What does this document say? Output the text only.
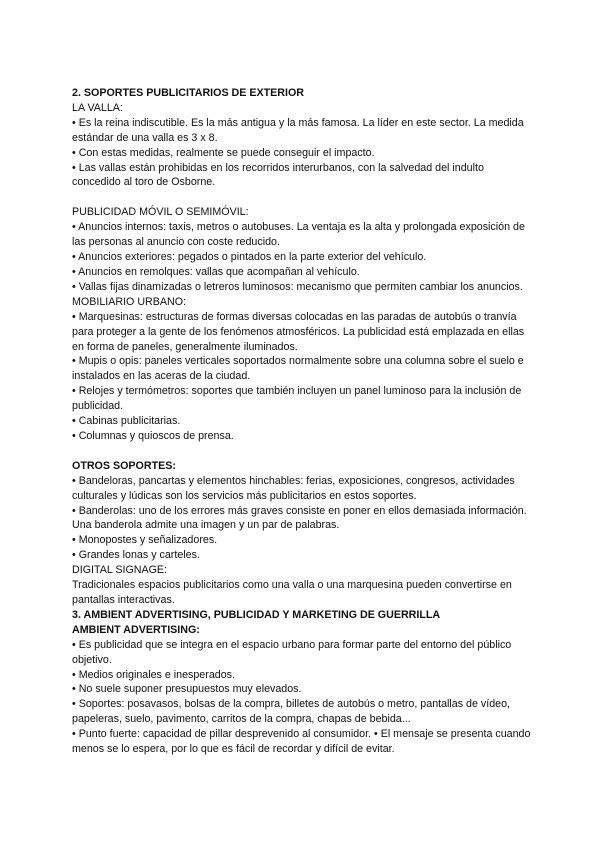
2. SOPORTES PUBLICITARIOS DE EXTERIOR

LA VALLA:

• Es la reina indiscutible. Es la más antigua y la más famosa. La líder en este sector. La medida estándar de una valla es 3 x 8.

• Con estas medidas, realmente se puede conseguir el impacto.

• Las vallas están prohibidas en los recorridos interurbanos, con la salvedad del indulto concedido al toro de Osborne.

PUBLICIDAD MÓVIL O SEMIMÓVIL:

• Anuncios internos: taxis, metros o autobuses. La ventaja es la alta y prolongada exposición de las personas al anuncio con coste reducido.

• Anuncios exteriores: pegados o pintados en la parte exterior del vehículo.

• Anuncios en remolques: vallas que acompañan al vehículo.

• Vallas fijas dinamizadas o letreros luminosos: mecanismo que permiten cambiar los anuncios.

MOBILIARIO URBANO:

• Marquesinas: estructuras de formas diversas colocadas en las paradas de autobús o tranvía para proteger a la gente de los fenómenos atmosféricos. La publicidad está emplazada en ellas en forma de paneles, generalmente iluminados.

• Mupis o opis: paneles verticales soportados normalmente sobre una columna sobre el suelo e instalados en las aceras de la ciudad.

• Relojes y termómetros: soportes que también incluyen un panel luminoso para la inclusión de publicidad.

• Cabinas publicitarias.

• Columnas y quioscos de prensa.

OTROS SOPORTES:

• Bandeloras, pancartas y elementos hinchables: ferias, exposiciones, congresos, actividades culturales y lúdicas son los servicios más publicitarios en estos soportes.

• Banderolas: uno de los errores más graves consiste en poner en ellos demasiada información. Una banderola admite una imagen y un par de palabras.

• Monopostes y señalizadores.

• Grandes lonas y carteles.

DIGITAL SIGNAGE:

Tradicionales espacios publicitarios como una valla o una marquesina pueden convertirse en pantallas interactivas.

3. AMBIENT ADVERTISING, PUBLICIDAD Y MARKETING DE GUERRILLA

AMBIENT ADVERTISING:

• Es publicidad que se integra en el espacio urbano para formar parte del entorno del público objetivo.

• Medios originales e inesperados.

• No suele suponer presupuestos muy elevados.

• Soportes: posavasos, bolsas de la compra, billetes de autobús o metro, pantallas de vídeo, papeleras, suelo, pavimento, carritos de la compra, chapas de bebida...

• Punto fuerte: capacidad de pillar desprevenido al consumidor. • El mensaje se presenta cuando menos se lo espera, por lo que es fácil de recordar y difícil de evitar.
